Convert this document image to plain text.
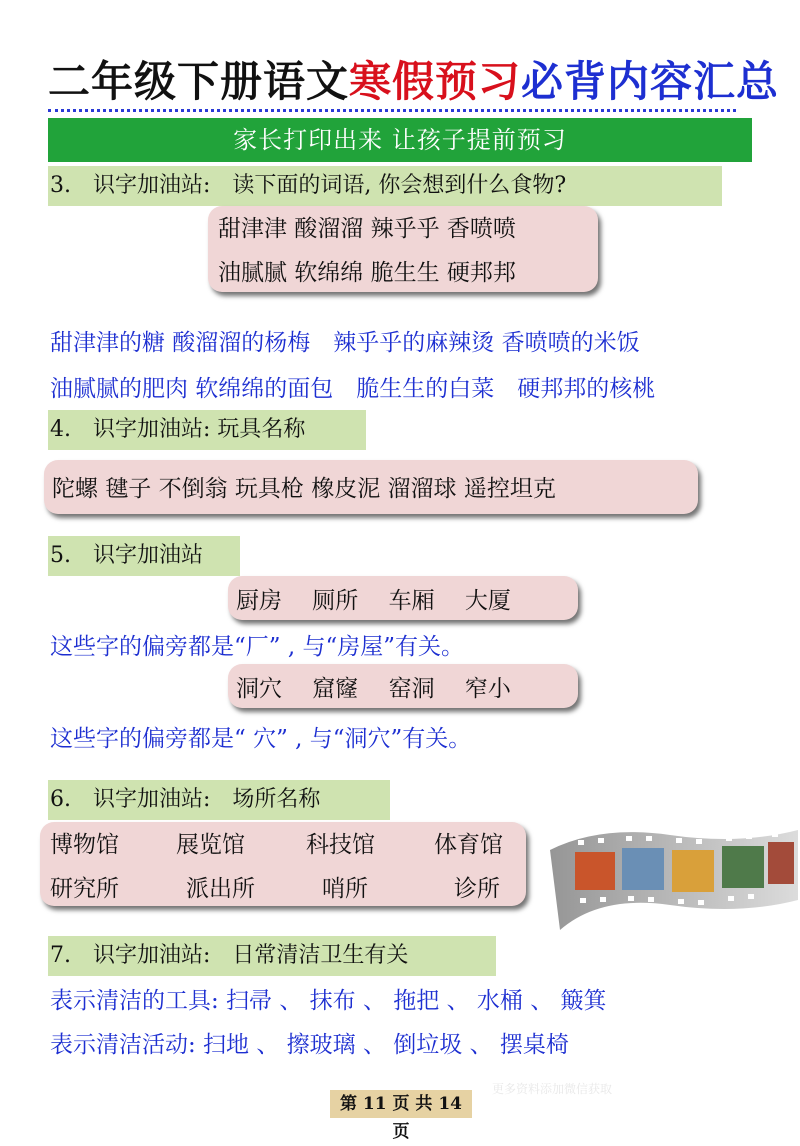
二年级下册语文寒假预习必背内容汇总
家长打印出来 让孩子提前预习
3.　识字加油站:　读下面的词语, 你会想到什么食物?
甜津津 酸溜溜 辣乎乎 香喷喷
油腻腻 软绵绵 脆生生 硬邦邦
甜津津的糖 酸溜溜的杨梅　辣乎乎的麻辣烫 香喷喷的米饭
油腻腻的肥肉 软绵绵的面包　脆生生的白菜　硬邦邦的核桃
4.　识字加油站: 玩具名称
陀螺 毽子 不倒翁 玩具枪 橡皮泥 溜溜球 遥控坦克
5.　识字加油站
厨房　 厕所　 车厢　 大厦
这些字的偏旁都是“厂” , 与“房屋”有关。
洞穴　 窟窿　 窑洞　 窄小
这些字的偏旁都是“ 穴” , 与“洞穴”有关。
6.　识字加油站:　场所名称
博物馆 展览馆	科技馆	体育馆
研究所	派出所	哨所	诊所
7.　识字加油站:　日常清洁卫生有关
表示清洁的工具: 扫帚 、 抹布 、 拖把 、 水桶 、 簸箕
表示清洁活动: 扫地 、 擦玻璃 、 倒垃圾 、 摆桌椅
第 11 页 共 14 页
更多资料添加微信获取
